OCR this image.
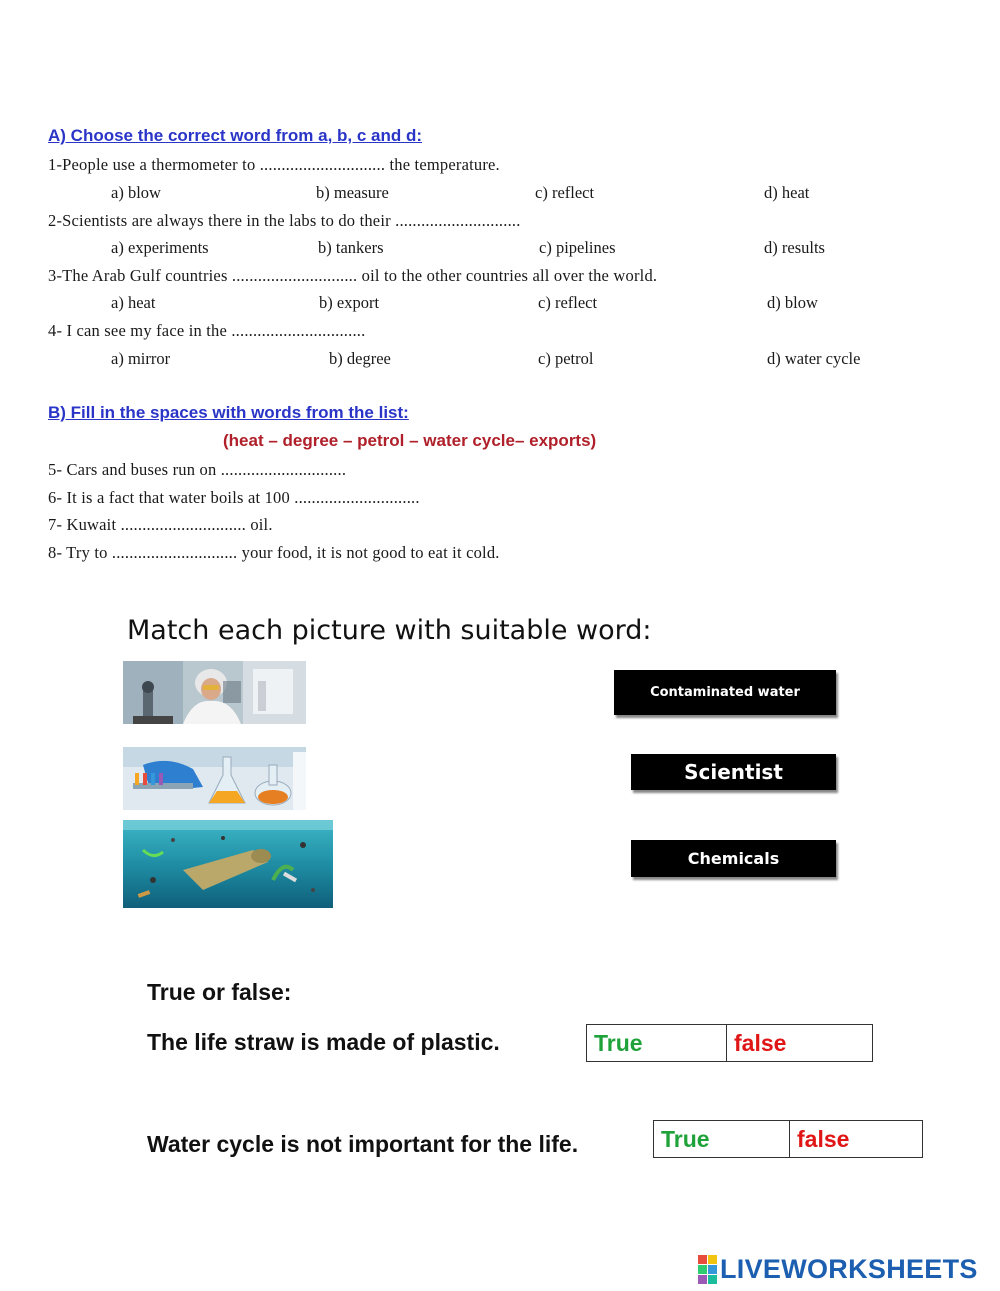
A) Choose the correct word from a, b, c and d:
1-People use a thermometer to ............................. the temperature.
a) blow	b) measure	c) reflect	d) heat
2-Scientists are always there in the labs to do their .............................
a) experiments	b) tankers	c) pipelines	d) results
3-The Arab Gulf countries ............................. oil to the other countries all over the world.
a) heat	b) export	c) reflect	d) blow
4- I can see my face in the ...............................
a) mirror	b) degree	c) petrol	d) water cycle
B) Fill in the spaces with words from the list:
(heat – degree – petrol – water cycle– exports)
5- Cars and buses run on .............................
6- It is a fact that water boils at 100 .............................
7- Kuwait ............................. oil.
8- Try to ............................. your food, it is not good to eat it cold.
Match each picture with suitable word:
Contaminated water
Scientist
Chemicals
True or false:
The life straw is made of plastic.	True	false
Water cycle is not important for the life.	True	false
LIVEWORKSHEETS
